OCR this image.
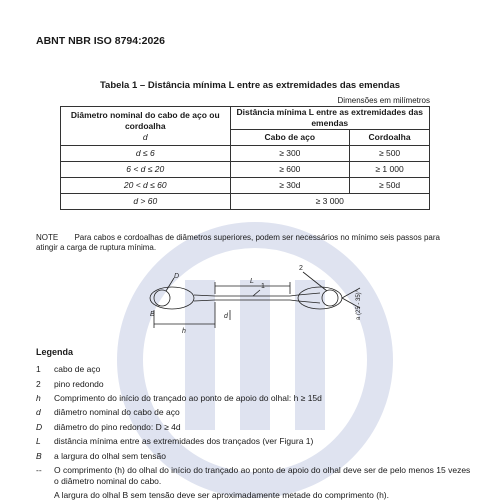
ABNT NBR ISO 8794:2026
Tabela 1 – Distância mínima L entre as extremidades das emendas
Dimensões em milímetros
Diâmetro nominal do cabo de aço ou cordoalha
d	Distância mínima L entre as extremidades das emendas	
	Cabo de aço	Cordoalha
d ≤ 6	≥ 300	≥ 500
6 < d ≤ 20	≥ 600	≥ 1 000
20 < d ≤ 60	≥ 30d	≥ 50d
d > 60	≥ 3 000	
NOTE Para cabos e cordoalhas de diâmetros superiores, podem ser necessários no mínimo seis passos para atingir a carga de ruptura mínima.
1
2
L
h
d
D
B	a (25 - 35)°
Legenda
1 cabo de aço
2 pino redondo
h Comprimento do início do trançado ao ponto de apoio do olhal: h ≥ 15d
d diâmetro nominal do cabo de aço
D diâmetro do pino redondo: D ≥ 4d
L distância mínima entre as extremidades dos trançados (ver Figura 1)
B a largura do olhal sem tensão
-- O comprimento (h) do olhal do início do trançado ao ponto de apoio do olhal deve ser de pelo menos 15 vezes o diâmetro nominal do cabo.
A largura do olhal B sem tensão deve ser aproximadamente metade do comprimento (h).
